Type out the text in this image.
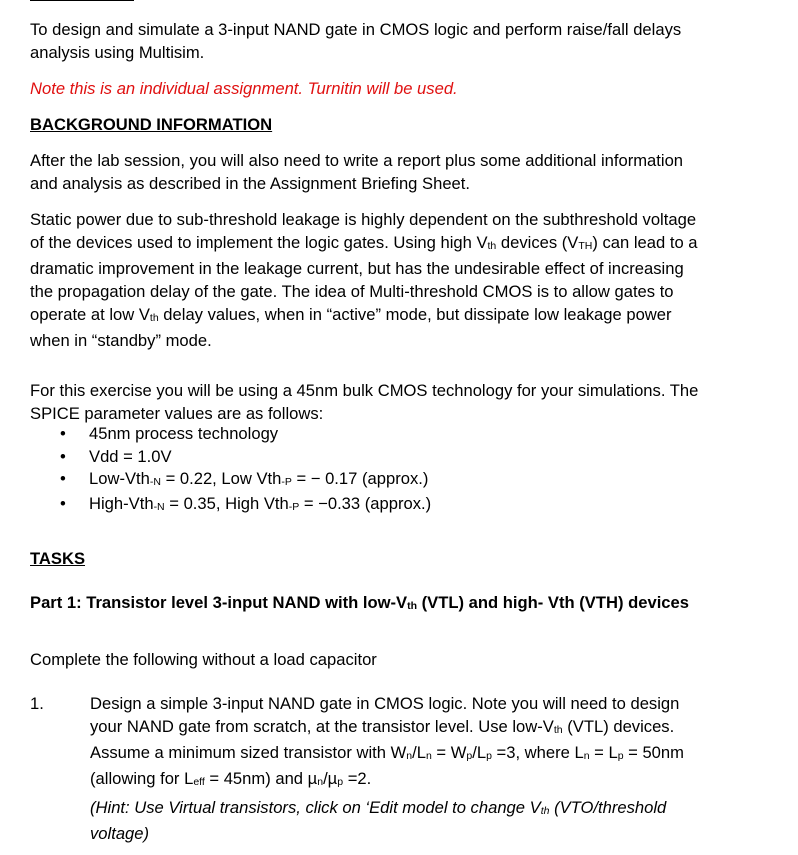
To design and simulate a 3-input NAND gate in CMOS logic and perform raise/fall delays
analysis using Multisim.

Note this is an individual assignment. Turnitin will be used.

BACKGROUND INFORMATION

After the lab session, you will also need to write a report plus some additional information
and analysis as described in the Assignment Briefing Sheet.

Static power due to sub-threshold leakage is highly dependent on the subthreshold voltage
of the devices used to implement the logic gates. Using high $V_{th}$ devices $(V_{TH})$ can lead to a
dramatic improvement in the leakage current, but has the undesirable effect of increasing
the propagation delay of the gate. The idea of Multi-threshold CMOS is to allow gates to
operate at low $V_{th}$ delay values, when in “active” mode, but dissipate low leakage power
when in “standby” mode.

For this exercise you will be using a 45nm bulk CMOS technology for your simulations. The
SPICE parameter values are as follows:

• 45nm process technology
• Vdd = 1.0V
• Low-Vth$_{-N}$ = 0.22, Low Vth$_{-P}$ = − 0.17 (approx.)
• High-Vth$_{-N}$ = 0.35, High Vth$_{-P}$ = −0.33 (approx.)

TASKS

Part 1: Transistor level 3-input NAND with low-$V_{th}$ (VTL) and high- Vth (VTH) devices

Complete the following without a load capacitor

1.	Design a simple 3-input NAND gate in CMOS logic. Note you will need to design
your NAND gate from scratch, at the transistor level. Use low-$V_{th}$ (VTL) devices.
Assume a minimum sized transistor with $W_n/L_n = W_p/L_p =3$, where $L_n = L_p = 50nm$
(allowing for $L_{eff} = 45nm$) and µ$_n$/µ$_p$ =2.

(Hint: Use Virtual transistors, click on ‘Edit model to change $V_{th}$ (VTO/threshold
voltage)
